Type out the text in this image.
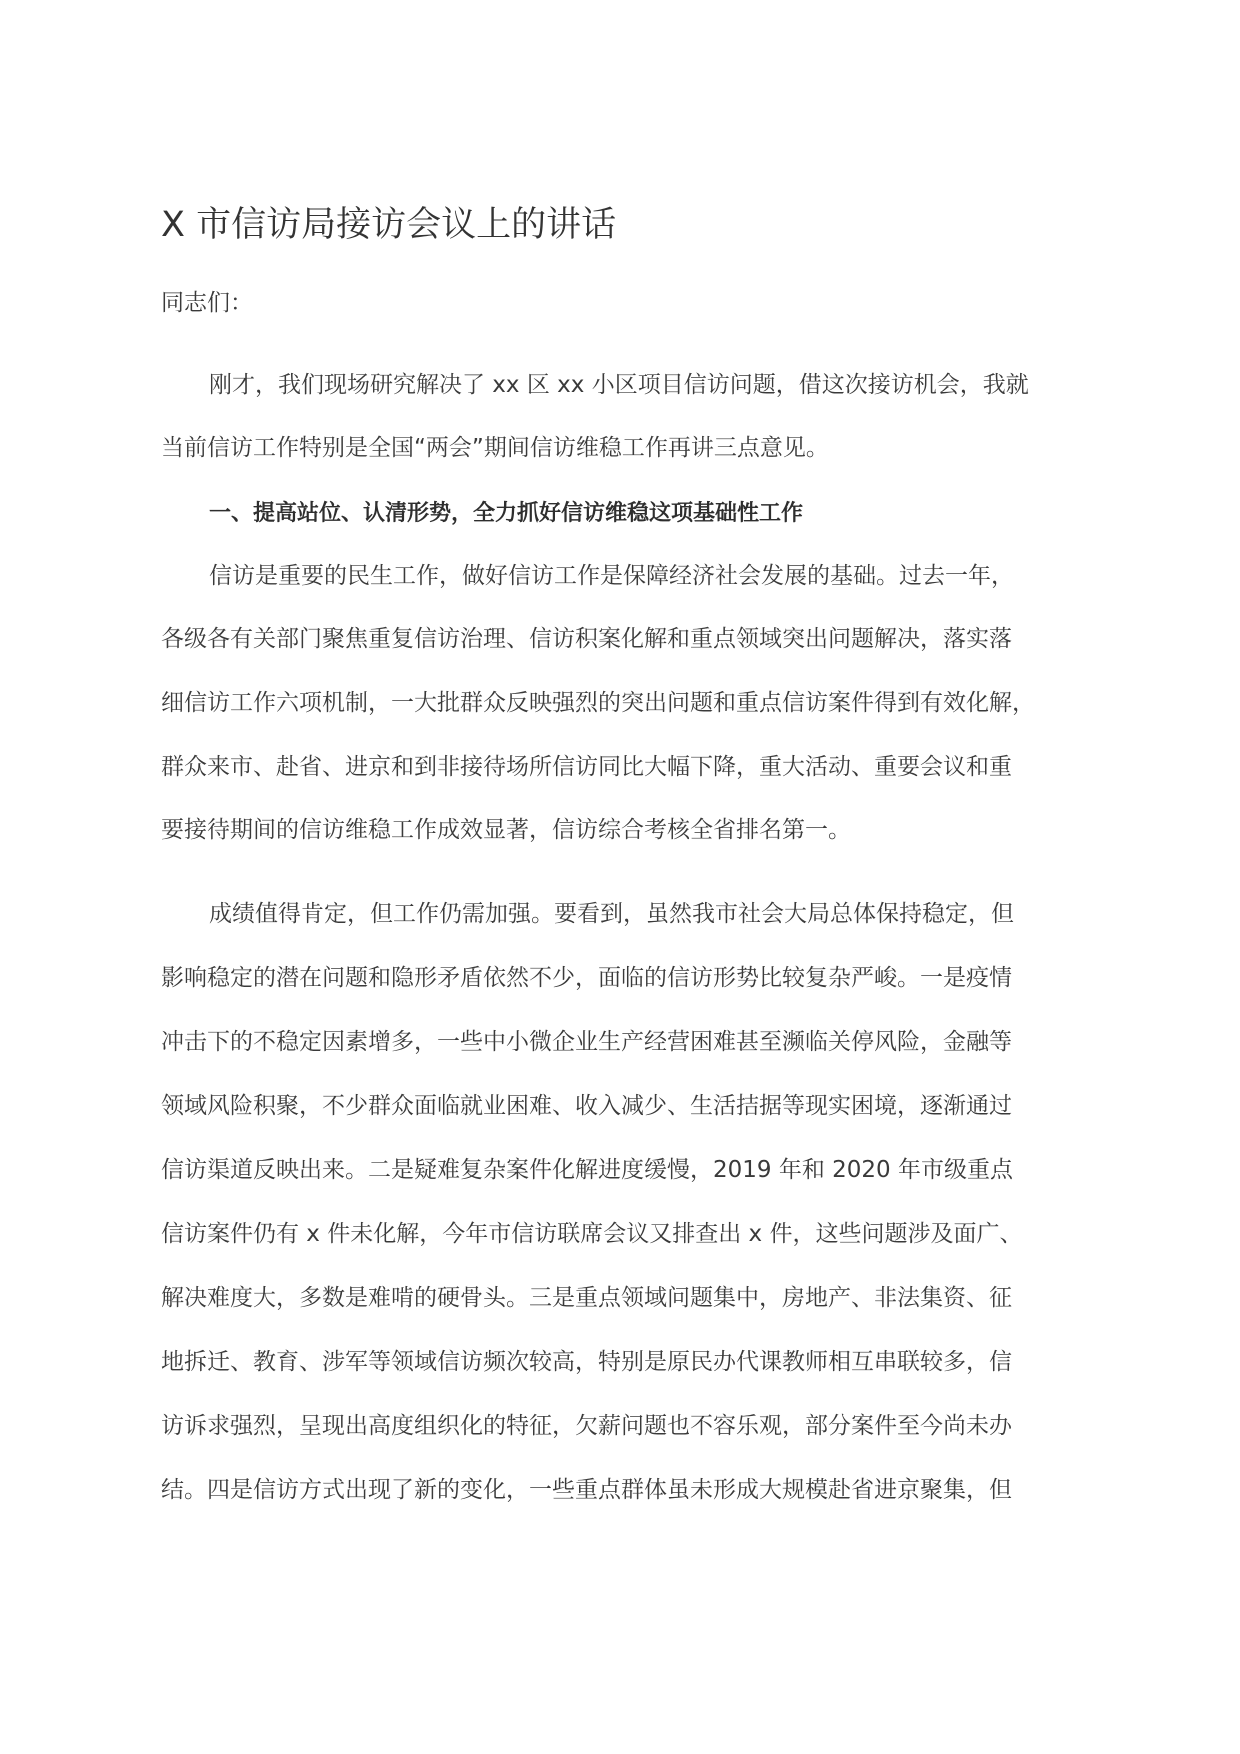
X 市信访局接访会议上的讲话
同志们：
刚才，我们现场研究解决了 xx 区 xx 小区项目信访问题，借这次接访机会，我就
当前信访工作特别是全国“两会”期间信访维稳工作再讲三点意见。
一、提高站位、认清形势，全力抓好信访维稳这项基础性工作
信访是重要的民生工作，做好信访工作是保障经济社会发展的基础。过去一年，
各级各有关部门聚焦重复信访治理、信访积案化解和重点领域突出问题解决，落实落
细信访工作六项机制，一大批群众反映强烈的突出问题和重点信访案件得到有效化解，
群众来市、赴省、进京和到非接待场所信访同比大幅下降，重大活动、重要会议和重
要接待期间的信访维稳工作成效显著，信访综合考核全省排名第一。
成绩值得肯定，但工作仍需加强。要看到，虽然我市社会大局总体保持稳定，但
影响稳定的潜在问题和隐形矛盾依然不少，面临的信访形势比较复杂严峻。一是疫情
冲击下的不稳定因素增多，一些中小微企业生产经营困难甚至濒临关停风险，金融等
领域风险积聚，不少群众面临就业困难、收入减少、生活拮据等现实困境，逐渐通过
信访渠道反映出来。二是疑难复杂案件化解进度缓慢，2019 年和 2020 年市级重点
信访案件仍有 x 件未化解，今年市信访联席会议又排查出 x 件，这些问题涉及面广、
解决难度大，多数是难啃的硬骨头。三是重点领域问题集中，房地产、非法集资、征
地拆迁、教育、涉军等领域信访频次较高，特别是原民办代课教师相互串联较多，信
访诉求强烈，呈现出高度组织化的特征，欠薪问题也不容乐观，部分案件至今尚未办
结。四是信访方式出现了新的变化，一些重点群体虽未形成大规模赴省进京聚集，但
